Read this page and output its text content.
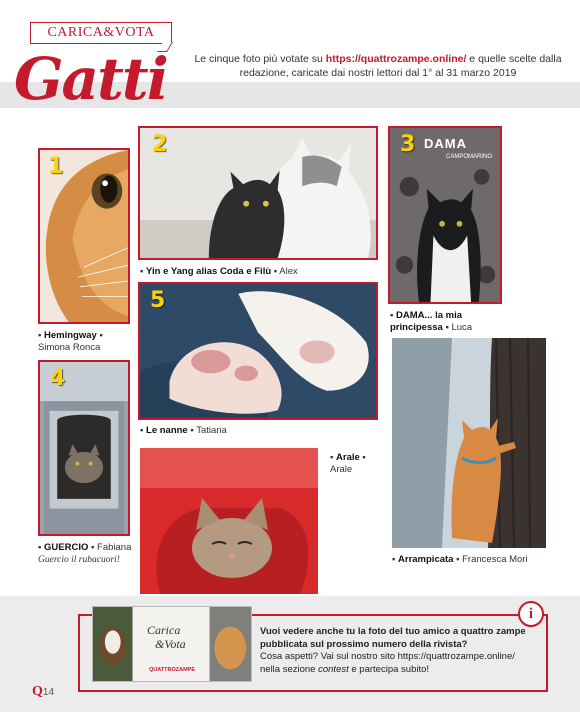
CARICA&VOTA
Gatti	Le cinque foto più votate su https://quattrozampe.online/ e quelle scelte dalla redazione, caricate dai nostri lettori dal 1° al 31 marzo 2019
1
▪ Hemingway ▪
Simona Ronca
2
▪ Yin e Yang alias Coda e Filù ▪ Alex
3 DAMA
CAMPOMARINO
▪ DAMA... la mia principessa ▪ Luca
4
▪ GUERCIO ▪ Fabiana
Guercio il rubacuori!
5
▪ Le nanne ▪ Tatiana
▪ Arale ▪
Arale
▪ Arrampicata ▪ Francesca Mori
Carica
&Vota
QUATTROZAMPE
Vuoi vedere anche tu la foto del tuo amico a quattro zampe pubblicata sul prossimo numero della rivista?
Cosa aspetti? Vai sul nostro sito https://quattrozampe.online/
nella sezione contest e partecipa subito!
i
Q14
